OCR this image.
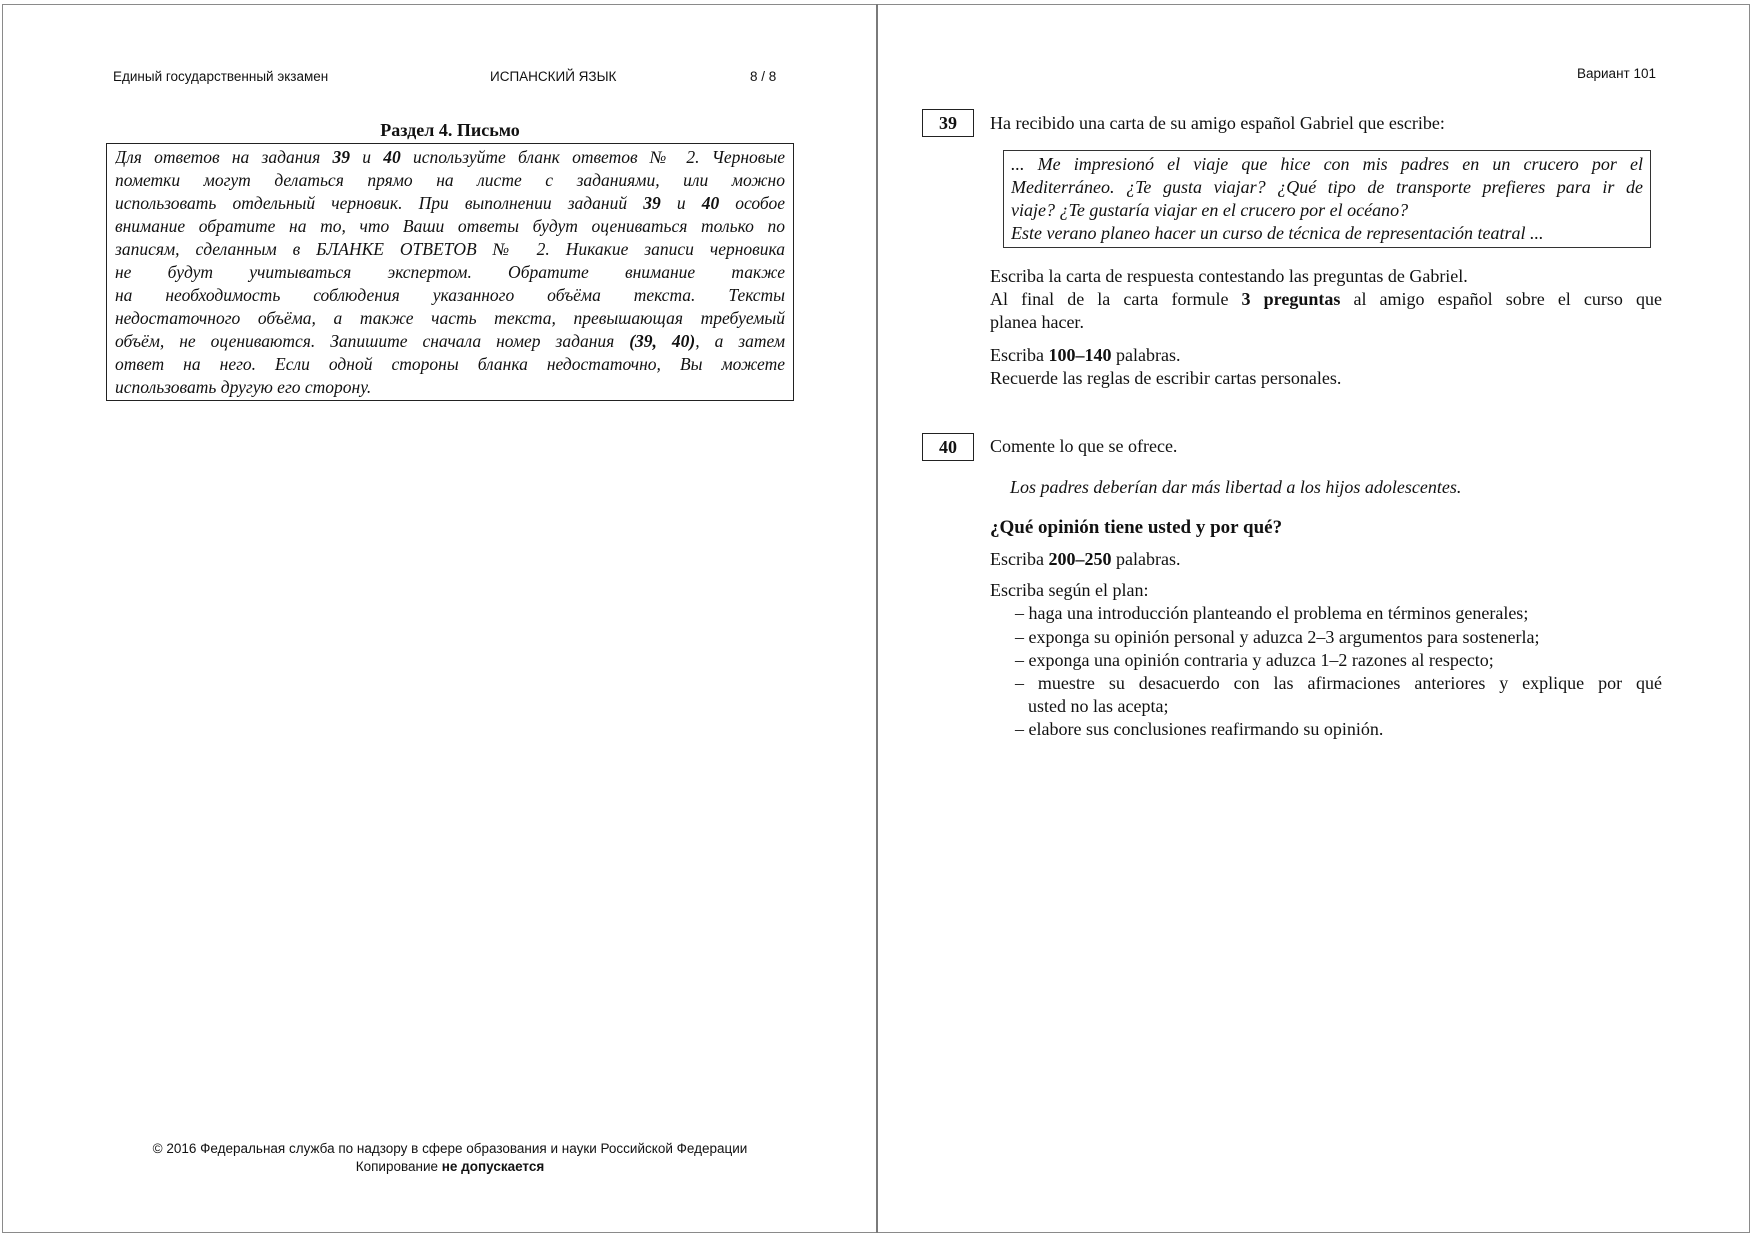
Единый государственный экзамен	ИСПАНСКИЙ ЯЗЫК	8 / 8
Раздел 4. Письмо
Для ответов на задания 39 и 40 используйте бланк ответов № 2. Черновые
пометки могут делаться прямо на листе с заданиями, или можно
использовать отдельный черновик. При выполнении заданий 39 и 40 особое
внимание обратите на то, что Ваши ответы будут оцениваться только по
записям, сделанным в БЛАНКЕ ОТВЕТОВ № 2. Никакие записи черновика
не будут учитываться экспертом. Обратите внимание также
на необходимость соблюдения указанного объёма текста. Тексты
недостаточного объёма, а также часть текста, превышающая требуемый
объём, не оцениваются. Запишите сначала номер задания (39, 40), а затем
ответ на него. Если одной стороны бланка недостаточно, Вы можете
использовать другую его сторону.
© 2016 Федеральная служба по надзору в сфере образования и науки Российской Федерации
Копирование не допускается
Вариант 101
39	Ha recibido una carta de su amigo español Gabriel que escribe:
... Me impresionó el viaje que hice con mis padres en un crucero por el
Mediterráneo. ¿Te gusta viajar? ¿Qué tipo de transporte prefieres para ir de
viaje? ¿Te gustaría viajar en el crucero por el océano?
Este verano planeo hacer un curso de técnica de representación teatral ...
Escriba la carta de respuesta contestando las preguntas de Gabriel.
Al final de la carta formule 3 preguntas al amigo español sobre el curso que
planea hacer.
Escriba 100–140 palabras.
Recuerde las reglas de escribir cartas personales.
40	Comente lo que se ofrece.
Los padres deberían dar más libertad a los hijos adolescentes.
¿Qué opinión tiene usted y por qué?
Escriba 200–250 palabras.
Escriba según el plan:
– haga una introducción planteando el problema en términos generales;
– exponga su opinión personal y aduzca 2–3 argumentos para sostenerla;
– exponga una opinión contraria y aduzca 1–2 razones al respecto;
– muestre su desacuerdo con las afirmaciones anteriores y explique por qué
usted no las acepta;
– elabore sus conclusiones reafirmando su opinión.
